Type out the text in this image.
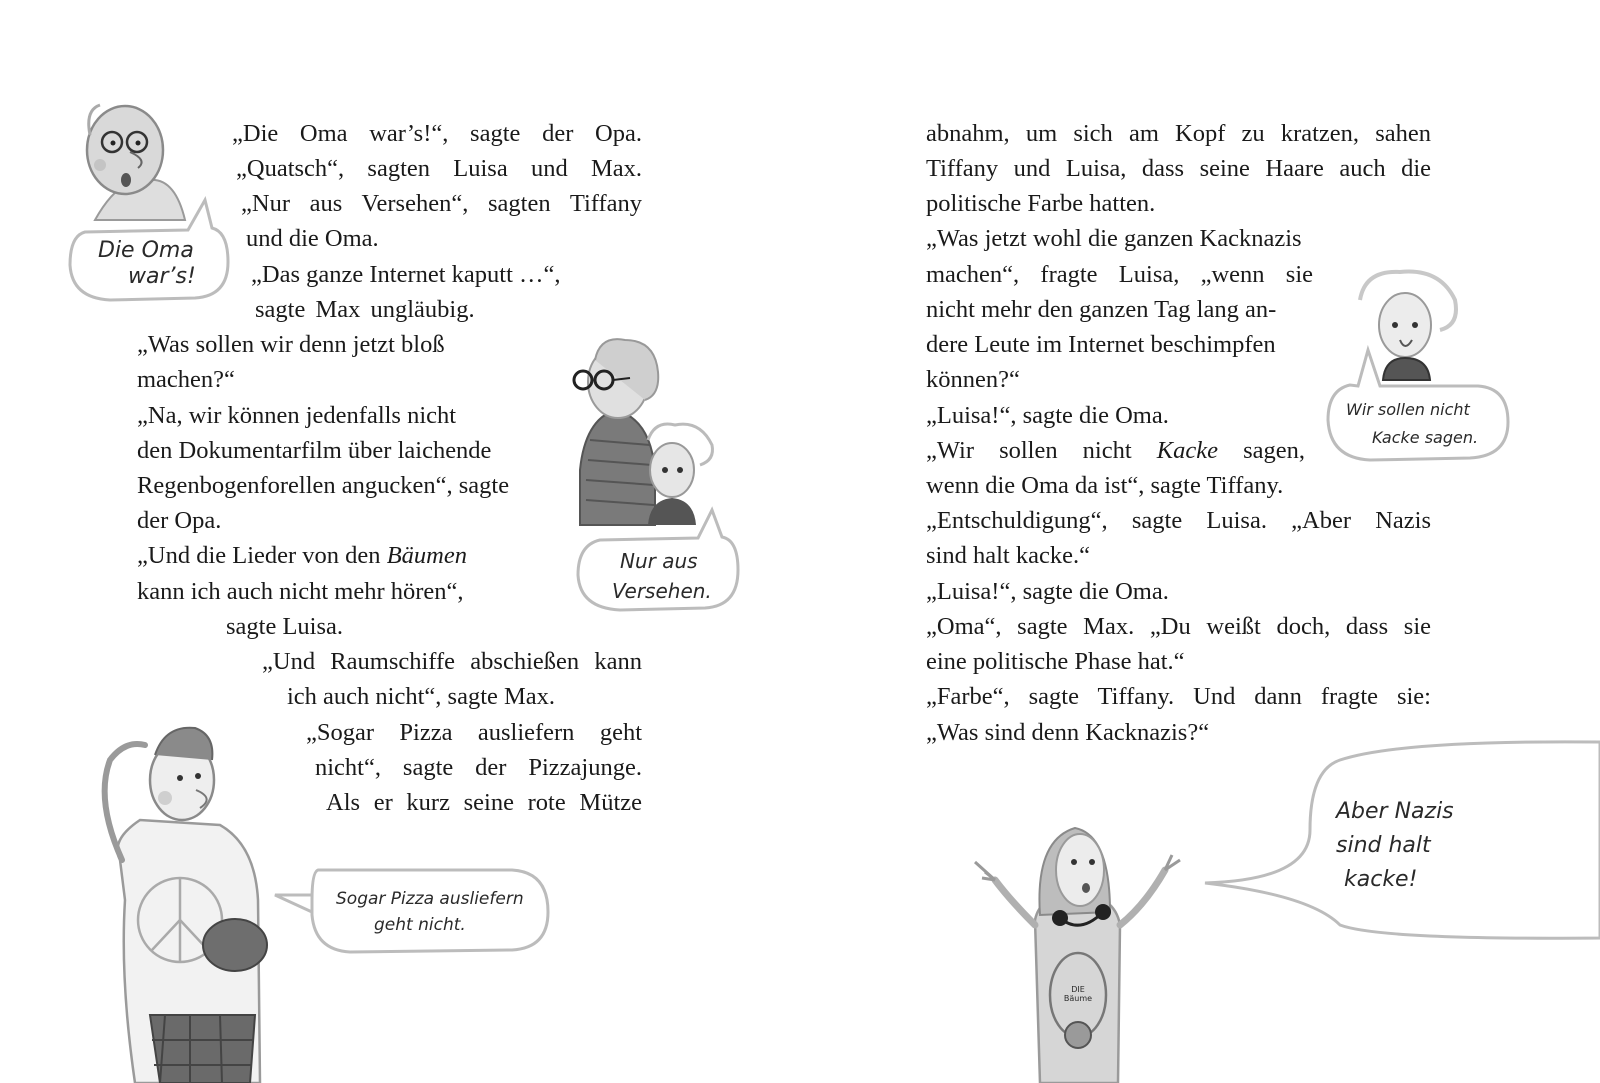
Die Oma
war’s!
Nur aus
Versehen.
Wir sollen nicht
Kacke sagen.
Sogar Pizza ausliefern
geht nicht.
Aber Nazis
sind halt
kacke!
DIE Bäume
„Die Oma war’s!“, sagte der Opa.
„Quatsch“, sagten Luisa und Max.
„Nur aus Versehen“, sagten Tiffany
und die Oma.
„Das ganze Internet kaputt …“,
sagte Max ungläubig.
„Was sollen wir denn jetzt bloß
machen?“
„Na, wir können jedenfalls nicht
den Dokumentarfilm über laichende
Regenbogenforellen angucken“, sagte
der Opa.
„Und die Lieder von den Bäumen
kann ich auch nicht mehr hören“,
sagte Luisa.
„Und Raumschiffe abschießen kann
ich auch nicht“, sagte Max.
„Sogar Pizza ausliefern geht
nicht“, sagte der Pizzajunge.
Als er kurz seine rote Mütze
abnahm, um sich am Kopf zu kratzen, sahen
Tiffany und Luisa, dass seine Haare auch die
politische Farbe hatten.
„Was jetzt wohl die ganzen Kacknazis
machen“, fragte Luisa, „wenn sie
nicht mehr den ganzen Tag lang an-
dere Leute im Internet beschimpfen
können?“
„Luisa!“, sagte die Oma.
„Wir sollen nicht Kacke sagen,
wenn die Oma da ist“, sagte Tiffany.
„Entschuldigung“, sagte Luisa. „Aber Nazis
sind halt kacke.“
„Luisa!“, sagte die Oma.
„Oma“, sagte Max. „Du weißt doch, dass sie
eine politische Phase hat.“
„Farbe“, sagte Tiffany. Und dann fragte sie:
„Was sind denn Kacknazis?“
